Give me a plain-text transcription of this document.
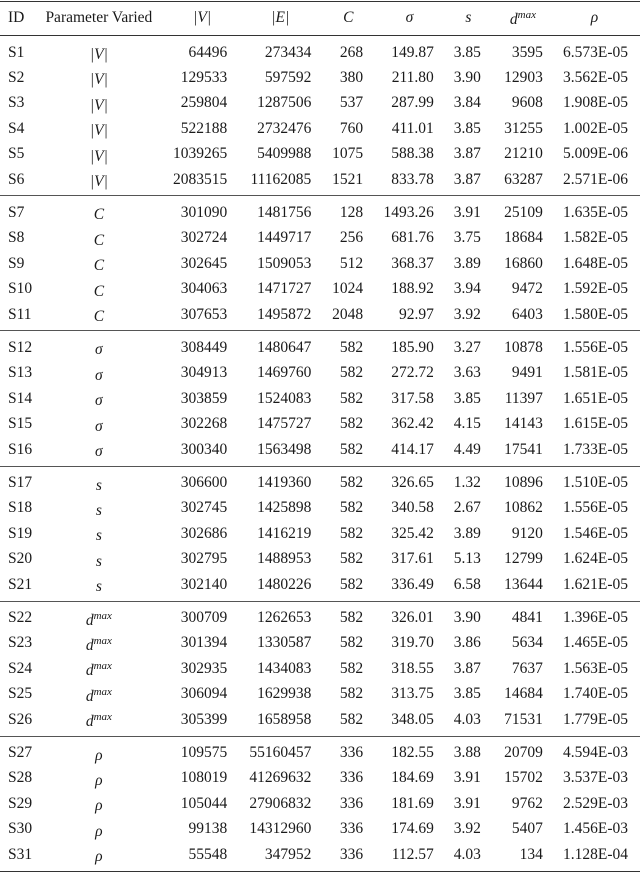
ID	Parameter Varied	|V|	|E|	C	σ	s	$d^{max}$	ρ
S1	|V|	64496	273434	268	149.87	3.85	3595	6.573E-05
S2	|V|	129533	597592	380	211.80	3.90	12903	3.562E-05
S3	|V|	259804	1287506	537	287.99	3.84	9608	1.908E-05
S4	|V|	522188	2732476	760	411.01	3.85	31255	1.002E-05
S5	|V|	1039265	5409988	1075	588.38	3.87	21210	5.009E-06
S6	|V|	2083515	11162085	1521	833.78	3.87	63287	2.571E-06
S7	C	301090	1481756	128	1493.26	3.91	25109	1.635E-05
S8	C	302724	1449717	256	681.76	3.75	18684	1.582E-05
S9	C	302645	1509053	512	368.37	3.89	16860	1.648E-05
S10	C	304063	1471727	1024	188.92	3.94	9472	1.592E-05
S11	C	307653	1495872	2048	92.97	3.92	6403	1.580E-05
S12	σ	308449	1480647	582	185.90	3.27	10878	1.556E-05
S13	σ	304913	1469760	582	272.72	3.63	9491	1.581E-05
S14	σ	303859	1524083	582	317.58	3.85	11397	1.651E-05
S15	σ	302268	1475727	582	362.42	4.15	14143	1.615E-05
S16	σ	300340	1563498	582	414.17	4.49	17541	1.733E-05
S17	s	306600	1419360	582	326.65	1.32	10896	1.510E-05
S18	s	302745	1425898	582	340.58	2.67	10862	1.556E-05
S19	s	302686	1416219	582	325.42	3.89	9120	1.546E-05
S20	s	302795	1488953	582	317.61	5.13	12799	1.624E-05
S21	s	302140	1480226	582	336.49	6.58	13644	1.621E-05
S22	$d^{max}$	300709	1262653	582	326.01	3.90	4841	1.396E-05
S23	$d^{max}$	301394	1330587	582	319.70	3.86	5634	1.465E-05
S24	$d^{max}$	302935	1434083	582	318.55	3.87	7637	1.563E-05
S25	$d^{max}$	306094	1629938	582	313.75	3.85	14684	1.740E-05
S26	$d^{max}$	305399	1658958	582	348.05	4.03	71531	1.779E-05
S27	ρ	109575	55160457	336	182.55	3.88	20709	4.594E-03
S28	ρ	108019	41269632	336	184.69	3.91	15702	3.537E-03
S29	ρ	105044	27906832	336	181.69	3.91	9762	2.529E-03
S30	ρ	99138	14312960	336	174.69	3.92	5407	1.456E-03
S31	ρ	55548	347952	336	112.57	4.03	134	1.128E-04
